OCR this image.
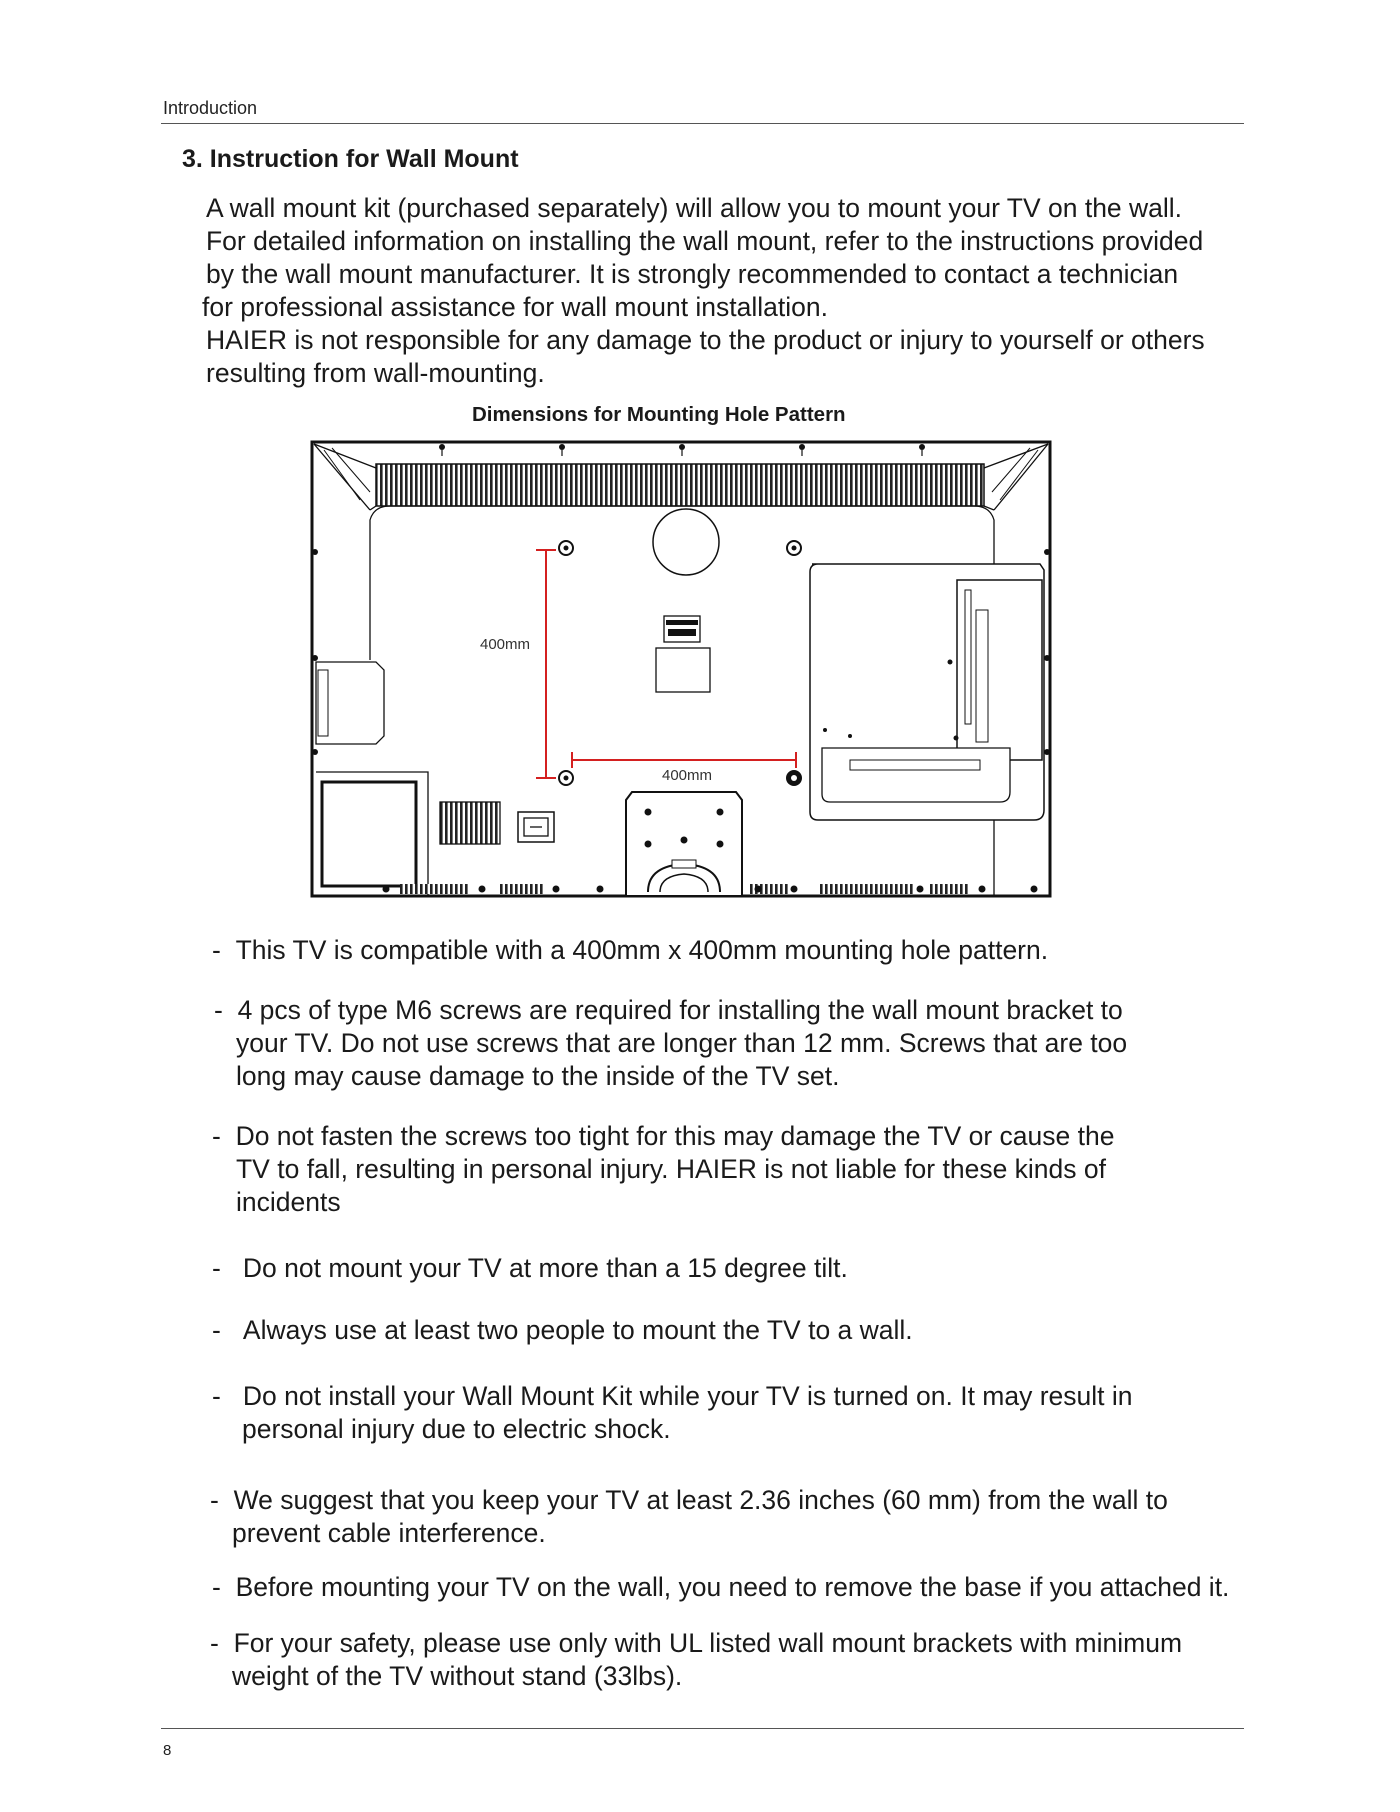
Introduction
3. Instruction for Wall Mount
A wall mount kit (purchased separately) will allow you to mount your TV on the wall.
For detailed information on installing the wall mount, refer to the instructions provided
by the wall mount manufacturer. It is strongly recommended to contact a technician
for professional assistance for wall mount installation.
HAIER is not responsible for any damage to the product or injury to yourself or others
resulting from wall-mounting.
Dimensions for Mounting Hole Pattern
400mm
400mm
- This TV is compatible with a 400mm x 400mm mounting hole pattern.
- 4 pcs of type M6 screws are required for installing the wall mount bracket to
your TV. Do not use screws that are longer than 12 mm. Screws that are too
long may cause damage to the inside of the TV set.
- Do not fasten the screws too tight for this may damage the TV or cause the
TV to fall, resulting in personal injury. HAIER is not liable for these kinds of
incidents
- Do not mount your TV at more than a 15 degree tilt.
- Always use at least two people to mount the TV to a wall.
- Do not install your Wall Mount Kit while your TV is turned on. It may result in
personal injury due to electric shock.
- We suggest that you keep your TV at least 2.36 inches (60 mm) from the wall to
prevent cable interference.
- Before mounting your TV on the wall, you need to remove the base if you attached it.
- For your safety, please use only with UL listed wall mount brackets with minimum
weight of the TV without stand (33lbs).
8
